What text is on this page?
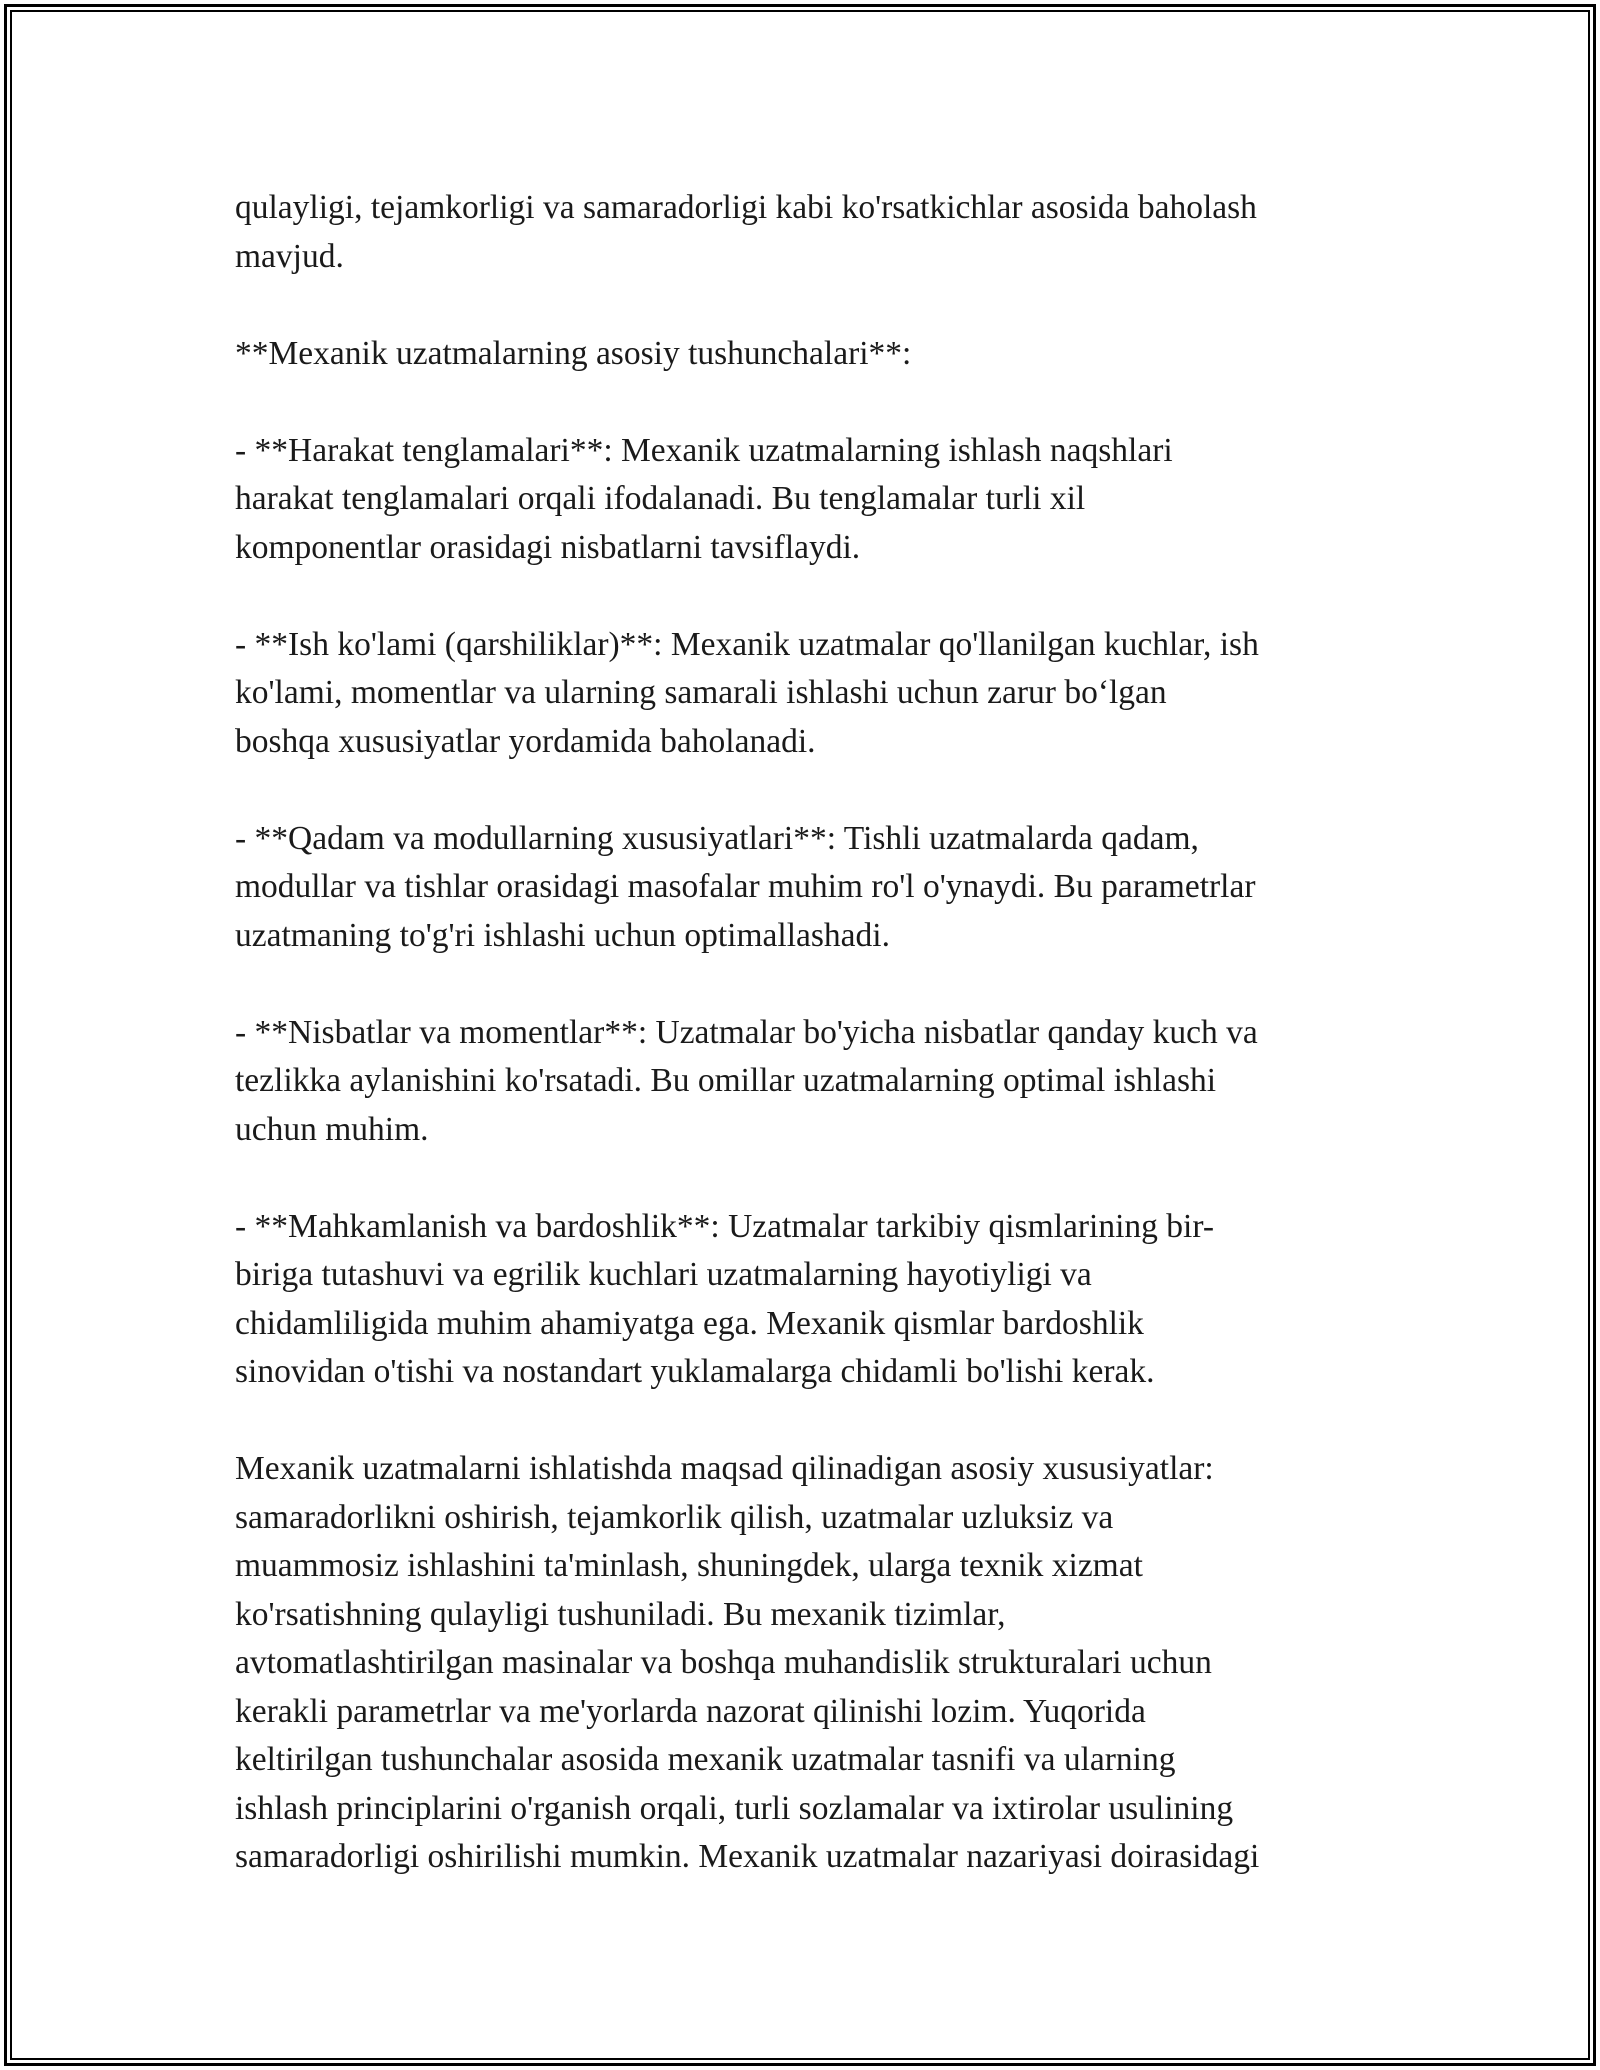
qulayligi, tejamkorligi va samaradorligi kabi ko'rsatkichlar asosida baholash
mavjud.

**Mexanik uzatmalarning asosiy tushunchalari**:

- **Harakat tenglamalari**: Mexanik uzatmalarning ishlash naqshlari
harakat tenglamalari orqali ifodalanadi. Bu tenglamalar turli xil
komponentlar orasidagi nisbatlarni tavsiflaydi.

- **Ish ko'lami (qarshiliklar)**: Mexanik uzatmalar qo'llanilgan kuchlar, ish
ko'lami, momentlar va ularning samarali ishlashi uchun zarur bo‘lgan
boshqa xususiyatlar yordamida baholanadi.

- **Qadam va modullarning xususiyatlari**: Tishli uzatmalarda qadam,
modullar va tishlar orasidagi masofalar muhim ro'l o'ynaydi. Bu parametrlar
uzatmaning to'g'ri ishlashi uchun optimallashadi.

- **Nisbatlar va momentlar**: Uzatmalar bo'yicha nisbatlar qanday kuch va
tezlikka aylanishini ko'rsatadi. Bu omillar uzatmalarning optimal ishlashi
uchun muhim.

- **Mahkamlanish va bardoshlik**: Uzatmalar tarkibiy qismlarining bir-
biriga tutashuvi va egrilik kuchlari uzatmalarning hayotiyligi va
chidamliligida muhim ahamiyatga ega. Mexanik qismlar bardoshlik
sinovidan o'tishi va nostandart yuklamalarga chidamli bo'lishi kerak.

Mexanik uzatmalarni ishlatishda maqsad qilinadigan asosiy xususiyatlar:
samaradorlikni oshirish, tejamkorlik qilish, uzatmalar uzluksiz va
muammosiz ishlashini ta'minlash, shuningdek, ularga texnik xizmat
ko'rsatishning qulayligi tushuniladi. Bu mexanik tizimlar,
avtomatlashtirilgan masinalar va boshqa muhandislik strukturalari uchun
kerakli parametrlar va me'yorlarda nazorat qilinishi lozim. Yuqorida
keltirilgan tushunchalar asosida mexanik uzatmalar tasnifi va ularning
ishlash principlarini o'rganish orqali, turli sozlamalar va ixtirolar usulining
samaradorligi oshirilishi mumkin. Mexanik uzatmalar nazariyasi doirasidagi
